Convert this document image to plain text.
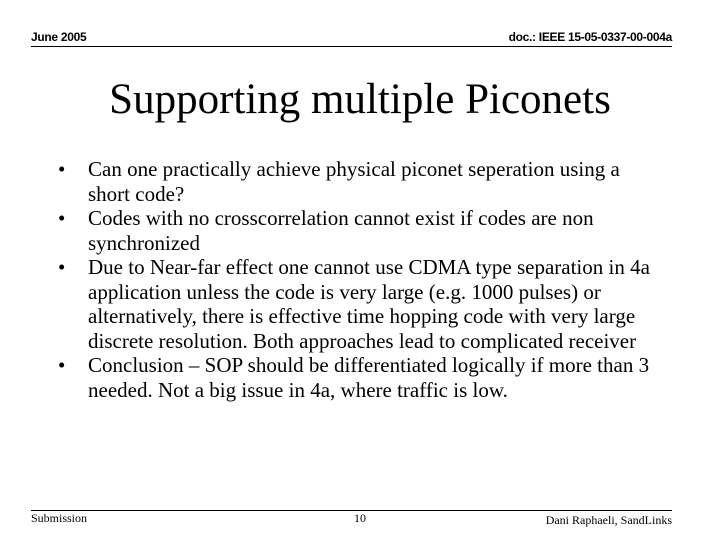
June 2005	doc.: IEEE 15-05-0337-00-004a
Supporting multiple Piconets
• Can one practically achieve physical piconet seperation using a short code?
• Codes with no crosscorrelation cannot exist if codes are non synchronized
• Due to Near-far effect one cannot use CDMA type separation in 4a application unless the code is very large (e.g. 1000 pulses) or alternatively, there is effective time hopping code with very large discrete resolution. Both approaches lead to complicated receiver
• Conclusion – SOP should be differentiated logically if more than 3 needed. Not a big issue in 4a, where traffic is low.
Submission	10	Dani Raphaeli, SandLinks
